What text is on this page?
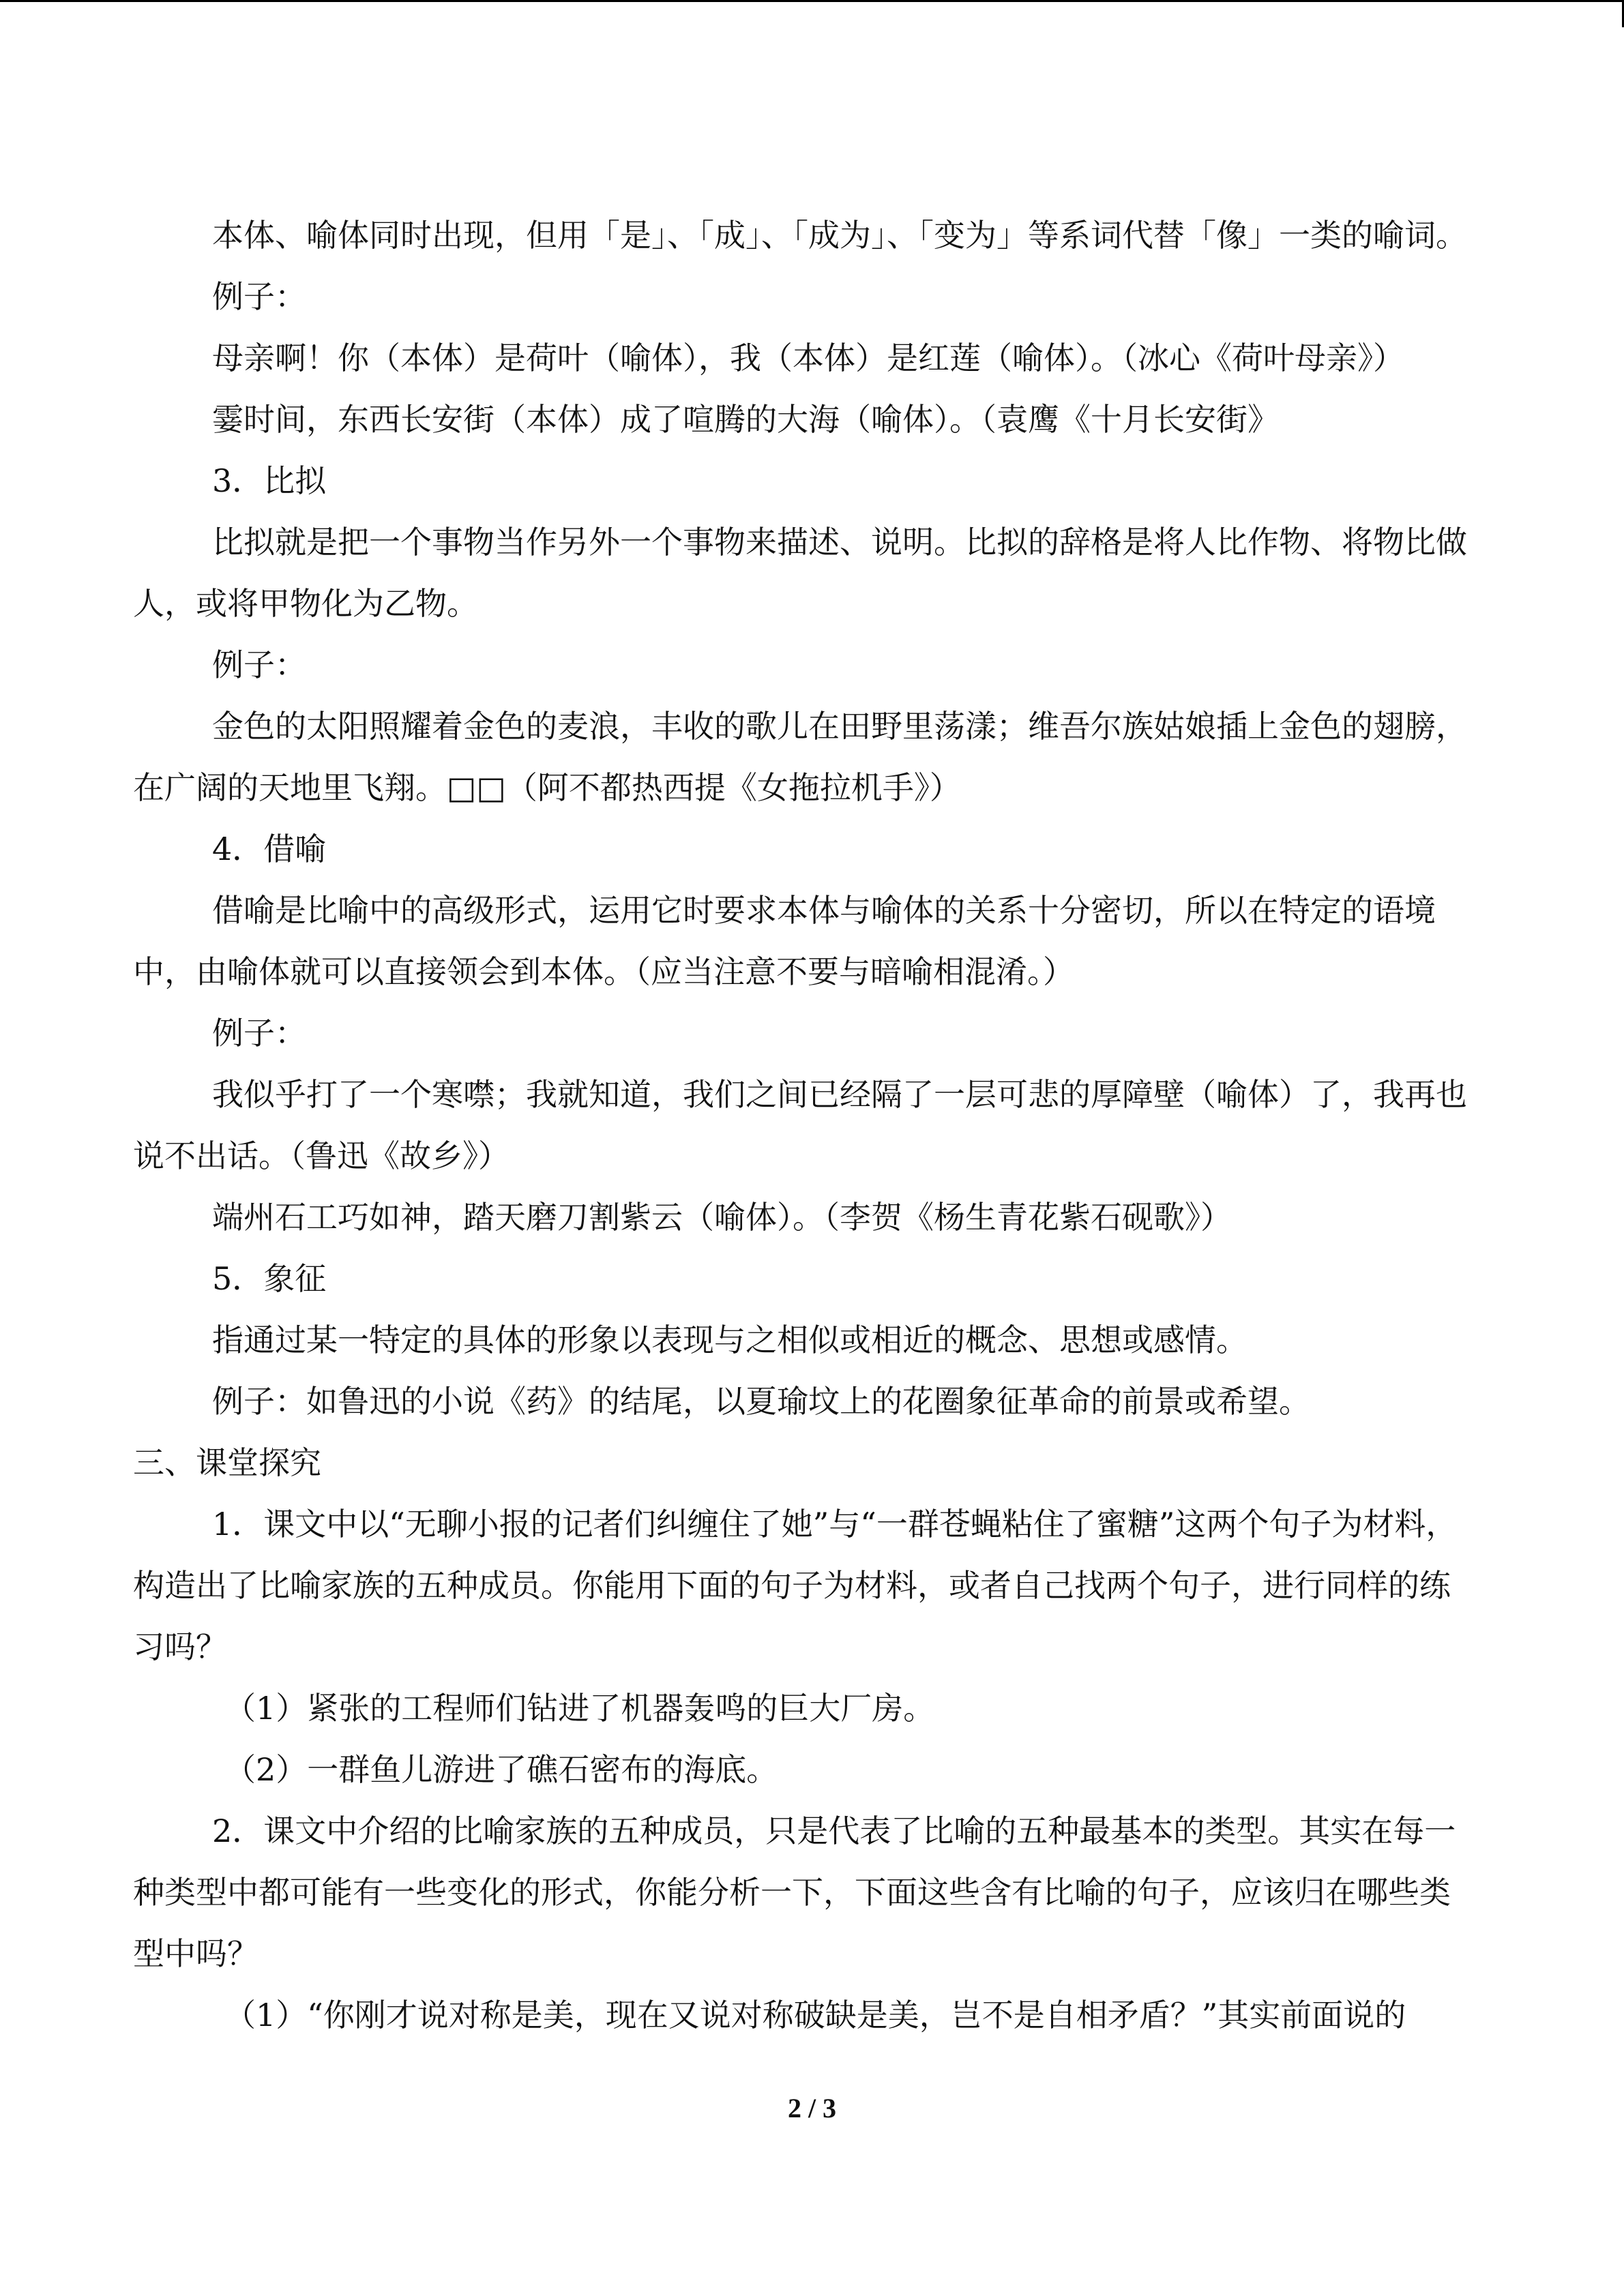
本体、喻体同时出现，但用「是」、「成」、「成为」、「变为」等系词代替「像」一类的喻词。

例子：

母亲啊！你（本体）是荷叶（喻体），我（本体）是红莲（喻体）。（冰心《荷叶母亲》）

霎时间，东西长安街（本体）成了喧腾的大海（喻体）。（袁鹰《十月长安街》

3．比拟

比拟就是把一个事物当作另外一个事物来描述、说明。比拟的辞格是将人比作物、将物比做人，或将甲物化为乙物。

例子：

金色的太阳照耀着金色的麦浪，丰收的歌儿在田野里荡漾；维吾尔族姑娘插上金色的翅膀，在广阔的天地里飞翔。□□（阿不都热西提《女拖拉机手》）

4．借喻

借喻是比喻中的高级形式，运用它时要求本体与喻体的关系十分密切，所以在特定的语境中，由喻体就可以直接领会到本体。（应当注意不要与暗喻相混淆。）

例子：

我似乎打了一个寒噤；我就知道，我们之间已经隔了一层可悲的厚障壁（喻体）了，我再也说不出话。（鲁迅《故乡》）

端州石工巧如神，踏天磨刀割紫云（喻体）。（李贺《杨生青花紫石砚歌》）

5．象征

指通过某一特定的具体的形象以表现与之相似或相近的概念、思想或感情。

例子：如鲁迅的小说《药》的结尾，以夏瑜坟上的花圈象征革命的前景或希望。

三、课堂探究

1．课文中以“无聊小报的记者们纠缠住了她”与“一群苍蝇粘住了蜜糖”这两个句子为材料，构造出了比喻家族的五种成员。你能用下面的句子为材料，或者自己找两个句子，进行同样的练习吗？

（1）紧张的工程师们钻进了机器轰鸣的巨大厂房。

（2）一群鱼儿游进了礁石密布的海底。

2．课文中介绍的比喻家族的五种成员，只是代表了比喻的五种最基本的类型。其实在每一种类型中都可能有一些变化的形式，你能分析一下，下面这些含有比喻的句子，应该归在哪些类型中吗？

（1）“你刚才说对称是美，现在又说对称破缺是美，岂不是自相矛盾？”其实前面说的

2 / 3
